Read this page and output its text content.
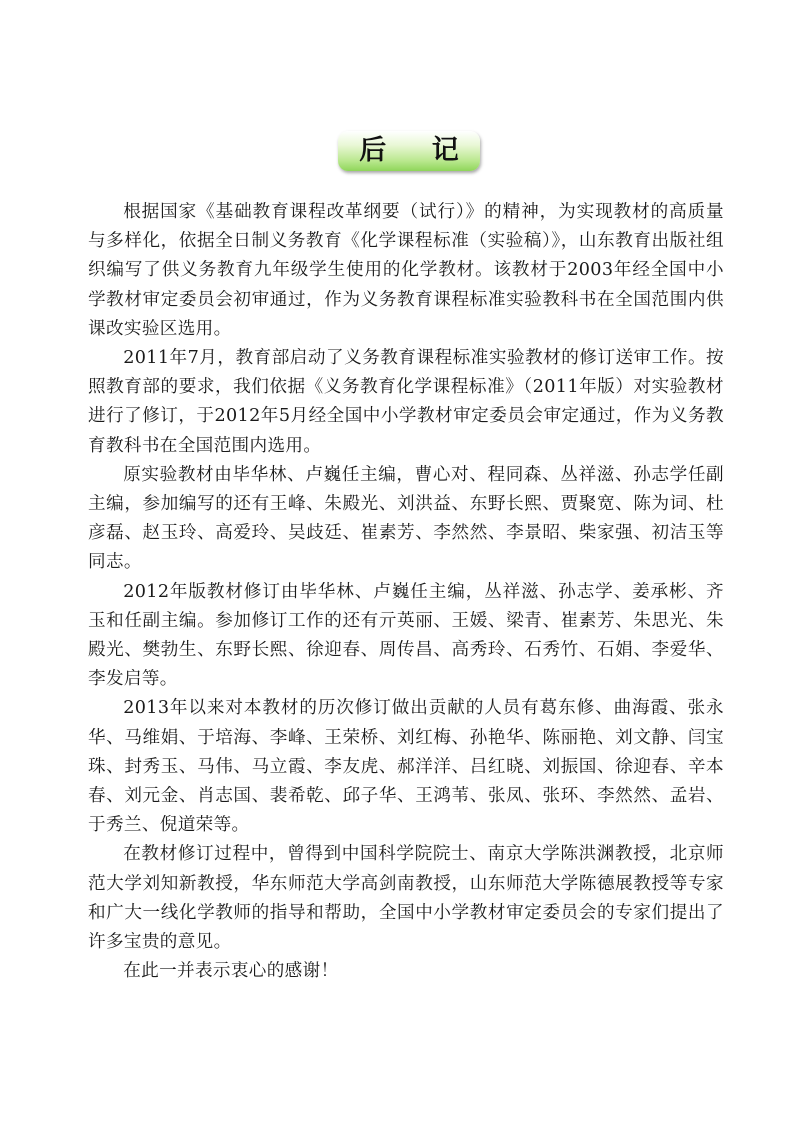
后 记

根据国家《基础教育课程改革纲要（试行）》的精神，为实现教材的高质量与多样化，依据全日制义务教育《化学课程标准（实验稿）》，山东教育出版社组织编写了供义务教育九年级学生使用的化学教材。该教材于2003年经全国中小学教材审定委员会初审通过，作为义务教育课程标准实验教科书在全国范围内供课改实验区选用。

2011年7月，教育部启动了义务教育课程标准实验教材的修订送审工作。按照教育部的要求，我们依据《义务教育化学课程标准》（2011年版）对实验教材进行了修订，于2012年5月经全国中小学教材审定委员会审定通过，作为义务教育教科书在全国范围内选用。

原实验教材由毕华林、卢巍任主编，曹心对、程同森、丛祥滋、孙志学任副主编，参加编写的还有王峰、朱殿光、刘洪益、东野长熙、贾聚宽、陈为词、杜彦磊、赵玉玲、高爱玲、吴歧廷、崔素芳、李然然、李景昭、柴家强、初洁玉等同志。

2012年版教材修订由毕华林、卢巍任主编，丛祥滋、孙志学、姜承彬、齐玉和任副主编。参加修订工作的还有亓英丽、王媛、梁青、崔素芳、朱思光、朱殿光、樊勃生、东野长熙、徐迎春、周传昌、高秀玲、石秀竹、石娟、李爱华、李发启等。

2013年以来对本教材的历次修订做出贡献的人员有葛东修、曲海霞、张永华、马维娟、于培海、李峰、王荣桥、刘红梅、孙艳华、陈丽艳、刘文静、闫宝珠、封秀玉、马伟、马立霞、李友虎、郝洋洋、吕红晓、刘振国、徐迎春、辛本春、刘元金、肖志国、裴希乾、邱子华、王鸿苇、张凤、张环、李然然、孟岩、于秀兰、倪道荣等。

在教材修订过程中，曾得到中国科学院院士、南京大学陈洪渊教授，北京师范大学刘知新教授，华东师范大学高剑南教授，山东师范大学陈德展教授等专家和广大一线化学教师的指导和帮助，全国中小学教材审定委员会的专家们提出了许多宝贵的意见。

在此一并表示衷心的感谢！
